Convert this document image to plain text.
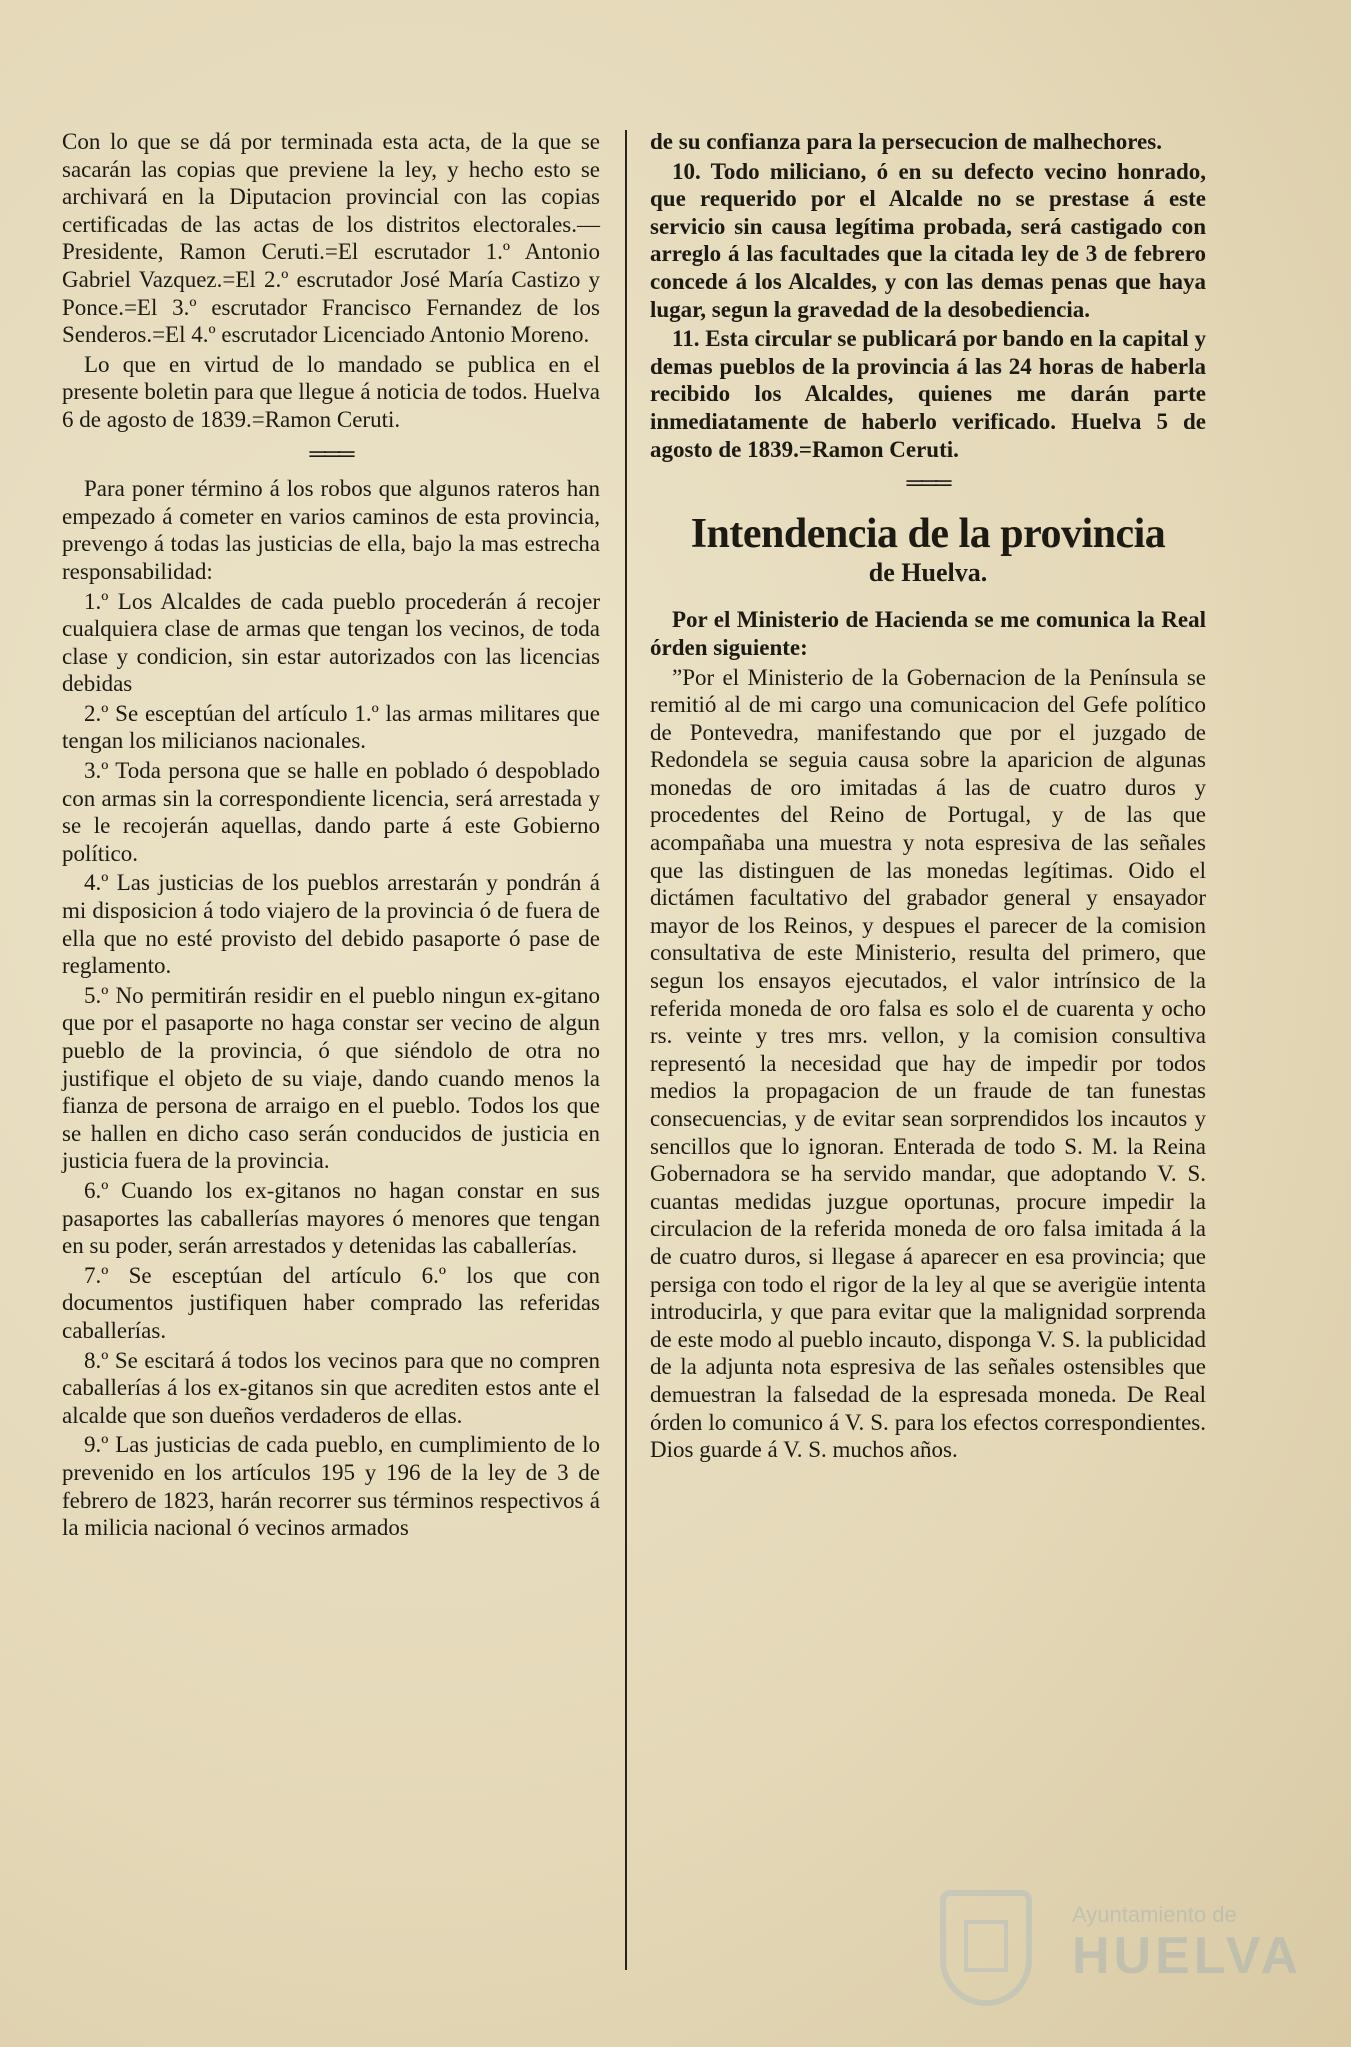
Con lo que se dá por terminada esta acta, de la que se sacarán las copias que previene la ley, y hecho esto se archivará en la Diputacion provincial con las copias certificadas de las actas de los distritos electorales.—Presidente, Ramon Ceruti.=El escrutador 1.º Antonio Gabriel Vazquez.=El 2.º escrutador José María Castizo y Ponce.=El 3.º escrutador Francisco Fernandez de los Senderos.=El 4.º escrutador Licenciado Antonio Moreno.

Lo que en virtud de lo mandado se publica en el presente boletin para que llegue á noticia de todos. Huelva 6 de agosto de 1839.=Ramon Ceruti.

═══

Para poner término á los robos que algunos rateros han empezado á cometer en varios caminos de esta provincia, prevengo á todas las justicias de ella, bajo la mas estrecha responsabilidad:

1.º Los Alcaldes de cada pueblo procederán á recojer cualquiera clase de armas que tengan los vecinos, de toda clase y condicion, sin estar autorizados con las licencias debidas

2.º Se esceptúan del artículo 1.º las armas militares que tengan los milicianos nacionales.

3.º Toda persona que se halle en poblado ó despoblado con armas sin la correspondiente licencia, será arrestada y se le recojerán aquellas, dando parte á este Gobierno político.

4.º Las justicias de los pueblos arrestarán y pondrán á mi disposicion á todo viajero de la provincia ó de fuera de ella que no esté provisto del debido pasaporte ó pase de reglamento.

5.º No permitirán residir en el pueblo ningun ex-gitano que por el pasaporte no haga constar ser vecino de algun pueblo de la provincia, ó que siéndolo de otra no justifique el objeto de su viaje, dando cuando menos la fianza de persona de arraigo en el pueblo. Todos los que se hallen en dicho caso serán conducidos de justicia en justicia fuera de la provincia.

6.º Cuando los ex-gitanos no hagan constar en sus pasaportes las caballerías mayores ó menores que tengan en su poder, serán arrestados y detenidas las caballerías.

7.º Se esceptúan del artículo 6.º los que con documentos justifiquen haber comprado las referidas caballerías.

8.º Se escitará á todos los vecinos para que no compren caballerías á los ex-gitanos sin que acrediten estos ante el alcalde que son dueños verdaderos de ellas.

9.º Las justicias de cada pueblo, en cumplimiento de lo prevenido en los artículos 195 y 196 de la ley de 3 de febrero de 1823, harán recorrer sus términos respectivos á la milicia nacional ó vecinos armados

de su confianza para la persecucion de malhechores.

10. Todo miliciano, ó en su defecto vecino honrado, que requerido por el Alcalde no se prestase á este servicio sin causa legítima probada, será castigado con arreglo á las facultades que la citada ley de 3 de febrero concede á los Alcaldes, y con las demas penas que haya lugar, segun la gravedad de la desobediencia.

11. Esta circular se publicará por bando en la capital y demas pueblos de la provincia á las 24 horas de haberla recibido los Alcaldes, quienes me darán parte inmediatamente de haberlo verificado. Huelva 5 de agosto de 1839.=Ramon Ceruti.

═══
Intendencia de la provincia
de Huelva.

Por el Ministerio de Hacienda se me comunica la Real órden siguiente:

”Por el Ministerio de la Gobernacion de la Península se remitió al de mi cargo una comunicacion del Gefe político de Pontevedra, manifestando que por el juzgado de Redondela se seguia causa sobre la aparicion de algunas monedas de oro imitadas á las de cuatro duros y procedentes del Reino de Portugal, y de las que acompañaba una muestra y nota espresiva de las señales que las distinguen de las monedas legítimas. Oido el dictámen facultativo del grabador general y ensayador mayor de los Reinos, y despues el parecer de la comision consultativa de este Ministerio, resulta del primero, que segun los ensayos ejecutados, el valor intrínsico de la referida moneda de oro falsa es solo el de cuarenta y ocho rs. veinte y tres mrs. vellon, y la comision consultiva representó la necesidad que hay de impedir por todos medios la propagacion de un fraude de tan funestas consecuencias, y de evitar sean sorprendidos los incautos y sencillos que lo ignoran. Enterada de todo S. M. la Reina Gobernadora se ha servido mandar, que adoptando V. S. cuantas medidas juzgue oportunas, procure impedir la circulacion de la referida moneda de oro falsa imitada á la de cuatro duros, si llegase á aparecer en esa provincia; que persiga con todo el rigor de la ley al que se averigüe intenta introducirla, y que para evitar que la malignidad sorprenda de este modo al pueblo incauto, disponga V. S. la publicidad de la adjunta nota espresiva de las señales ostensibles que demuestran la falsedad de la espresada moneda. De Real órden lo comunico á V. S. para los efectos correspondientes. Dios guarde á V. S. muchos años.

Ayuntamiento de
HUELVA
